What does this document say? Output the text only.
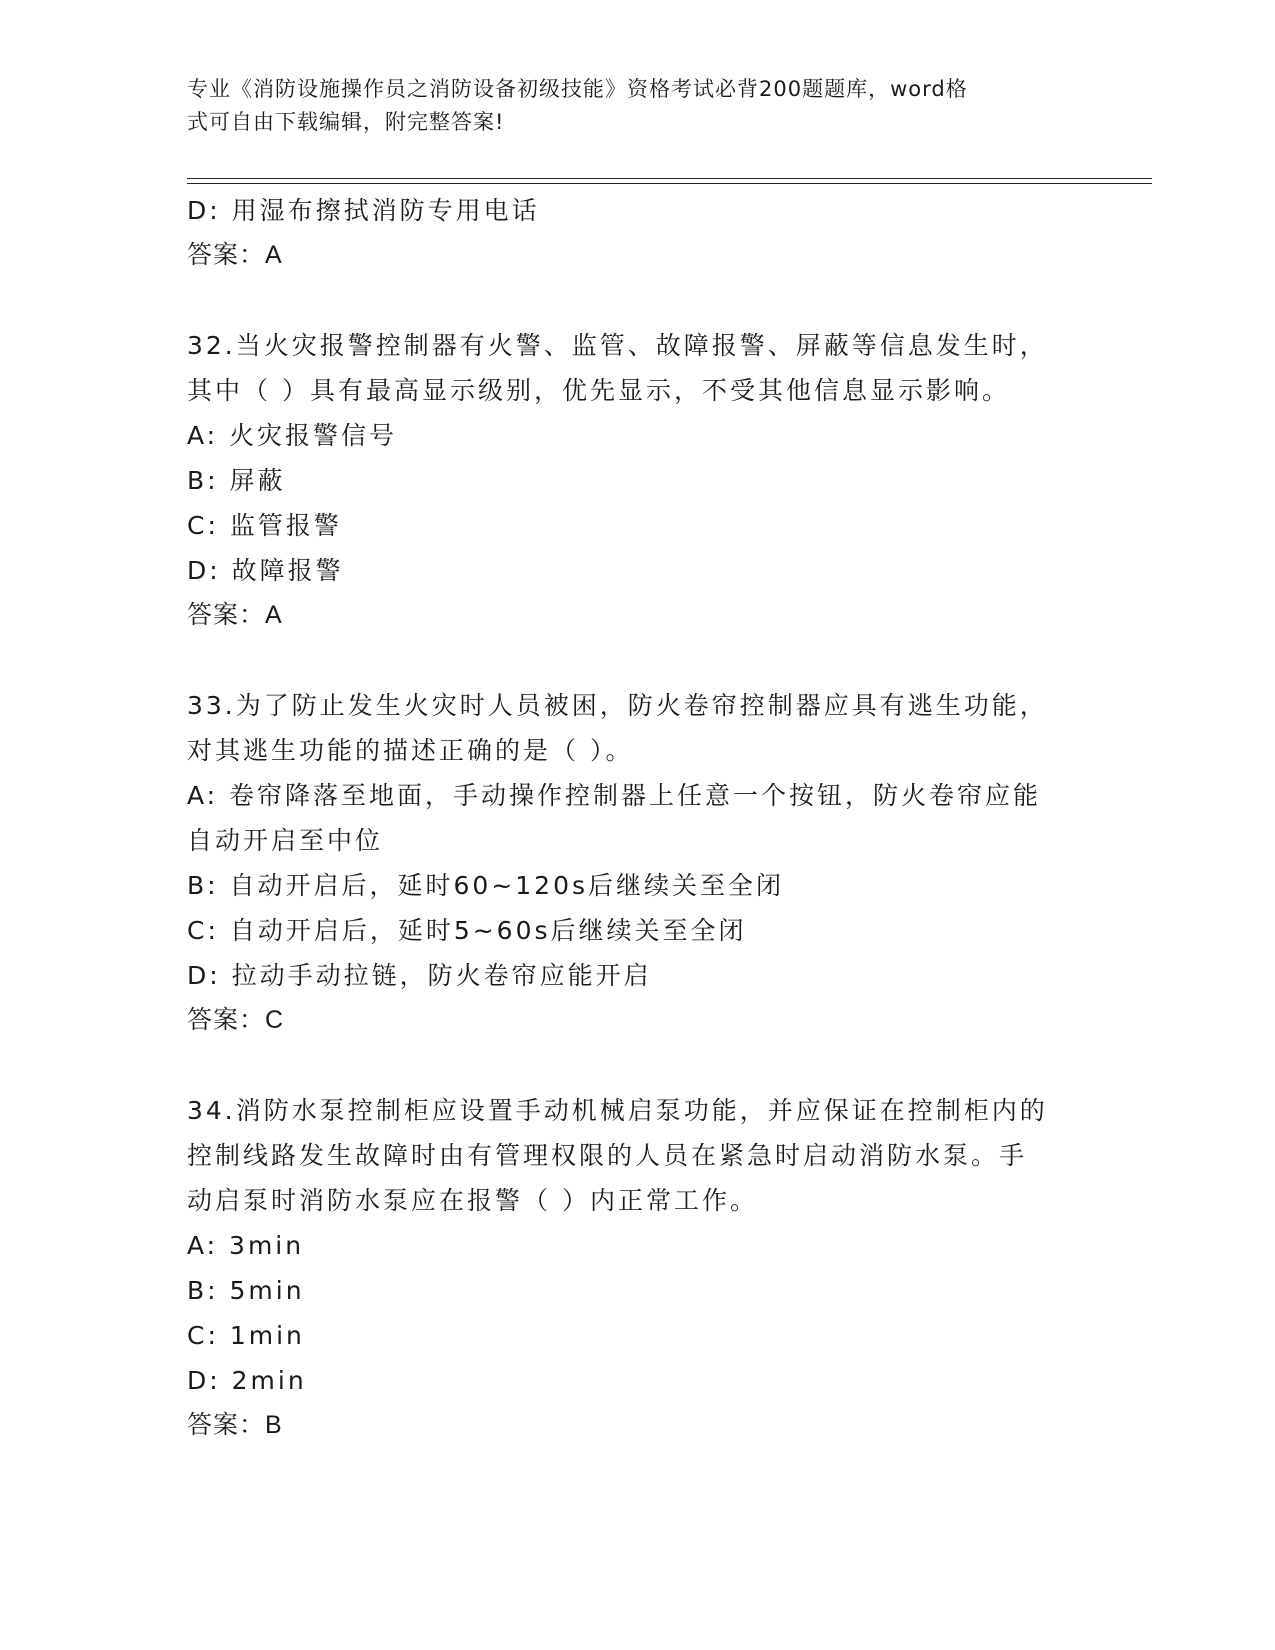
专业《消防设施操作员之消防设备初级技能》资格考试必背200题题库，word格
式可自由下载编辑，附完整答案!
D: 用湿布擦拭消防专用电话
答案：A
32.当火灾报警控制器有火警、监管、故障报警、屏蔽等信息发生时，
其中（ ）具有最高显示级别，优先显示，不受其他信息显示影响。
A: 火灾报警信号
B: 屏蔽
C: 监管报警
D: 故障报警
答案：A
33.为了防止发生火灾时人员被困，防火卷帘控制器应具有逃生功能，
对其逃生功能的描述正确的是（ ）。
A: 卷帘降落至地面，手动操作控制器上任意一个按钮，防火卷帘应能
自动开启至中位
B: 自动开启后，延时60~120s后继续关至全闭
C: 自动开启后，延时5~60s后继续关至全闭
D: 拉动手动拉链，防火卷帘应能开启
答案：C
34.消防水泵控制柜应设置手动机械启泵功能，并应保证在控制柜内的
控制线路发生故障时由有管理权限的人员在紧急时启动消防水泵。手
动启泵时消防水泵应在报警（ ）内正常工作。
A: 3min
B: 5min
C: 1min
D: 2min
答案：B
